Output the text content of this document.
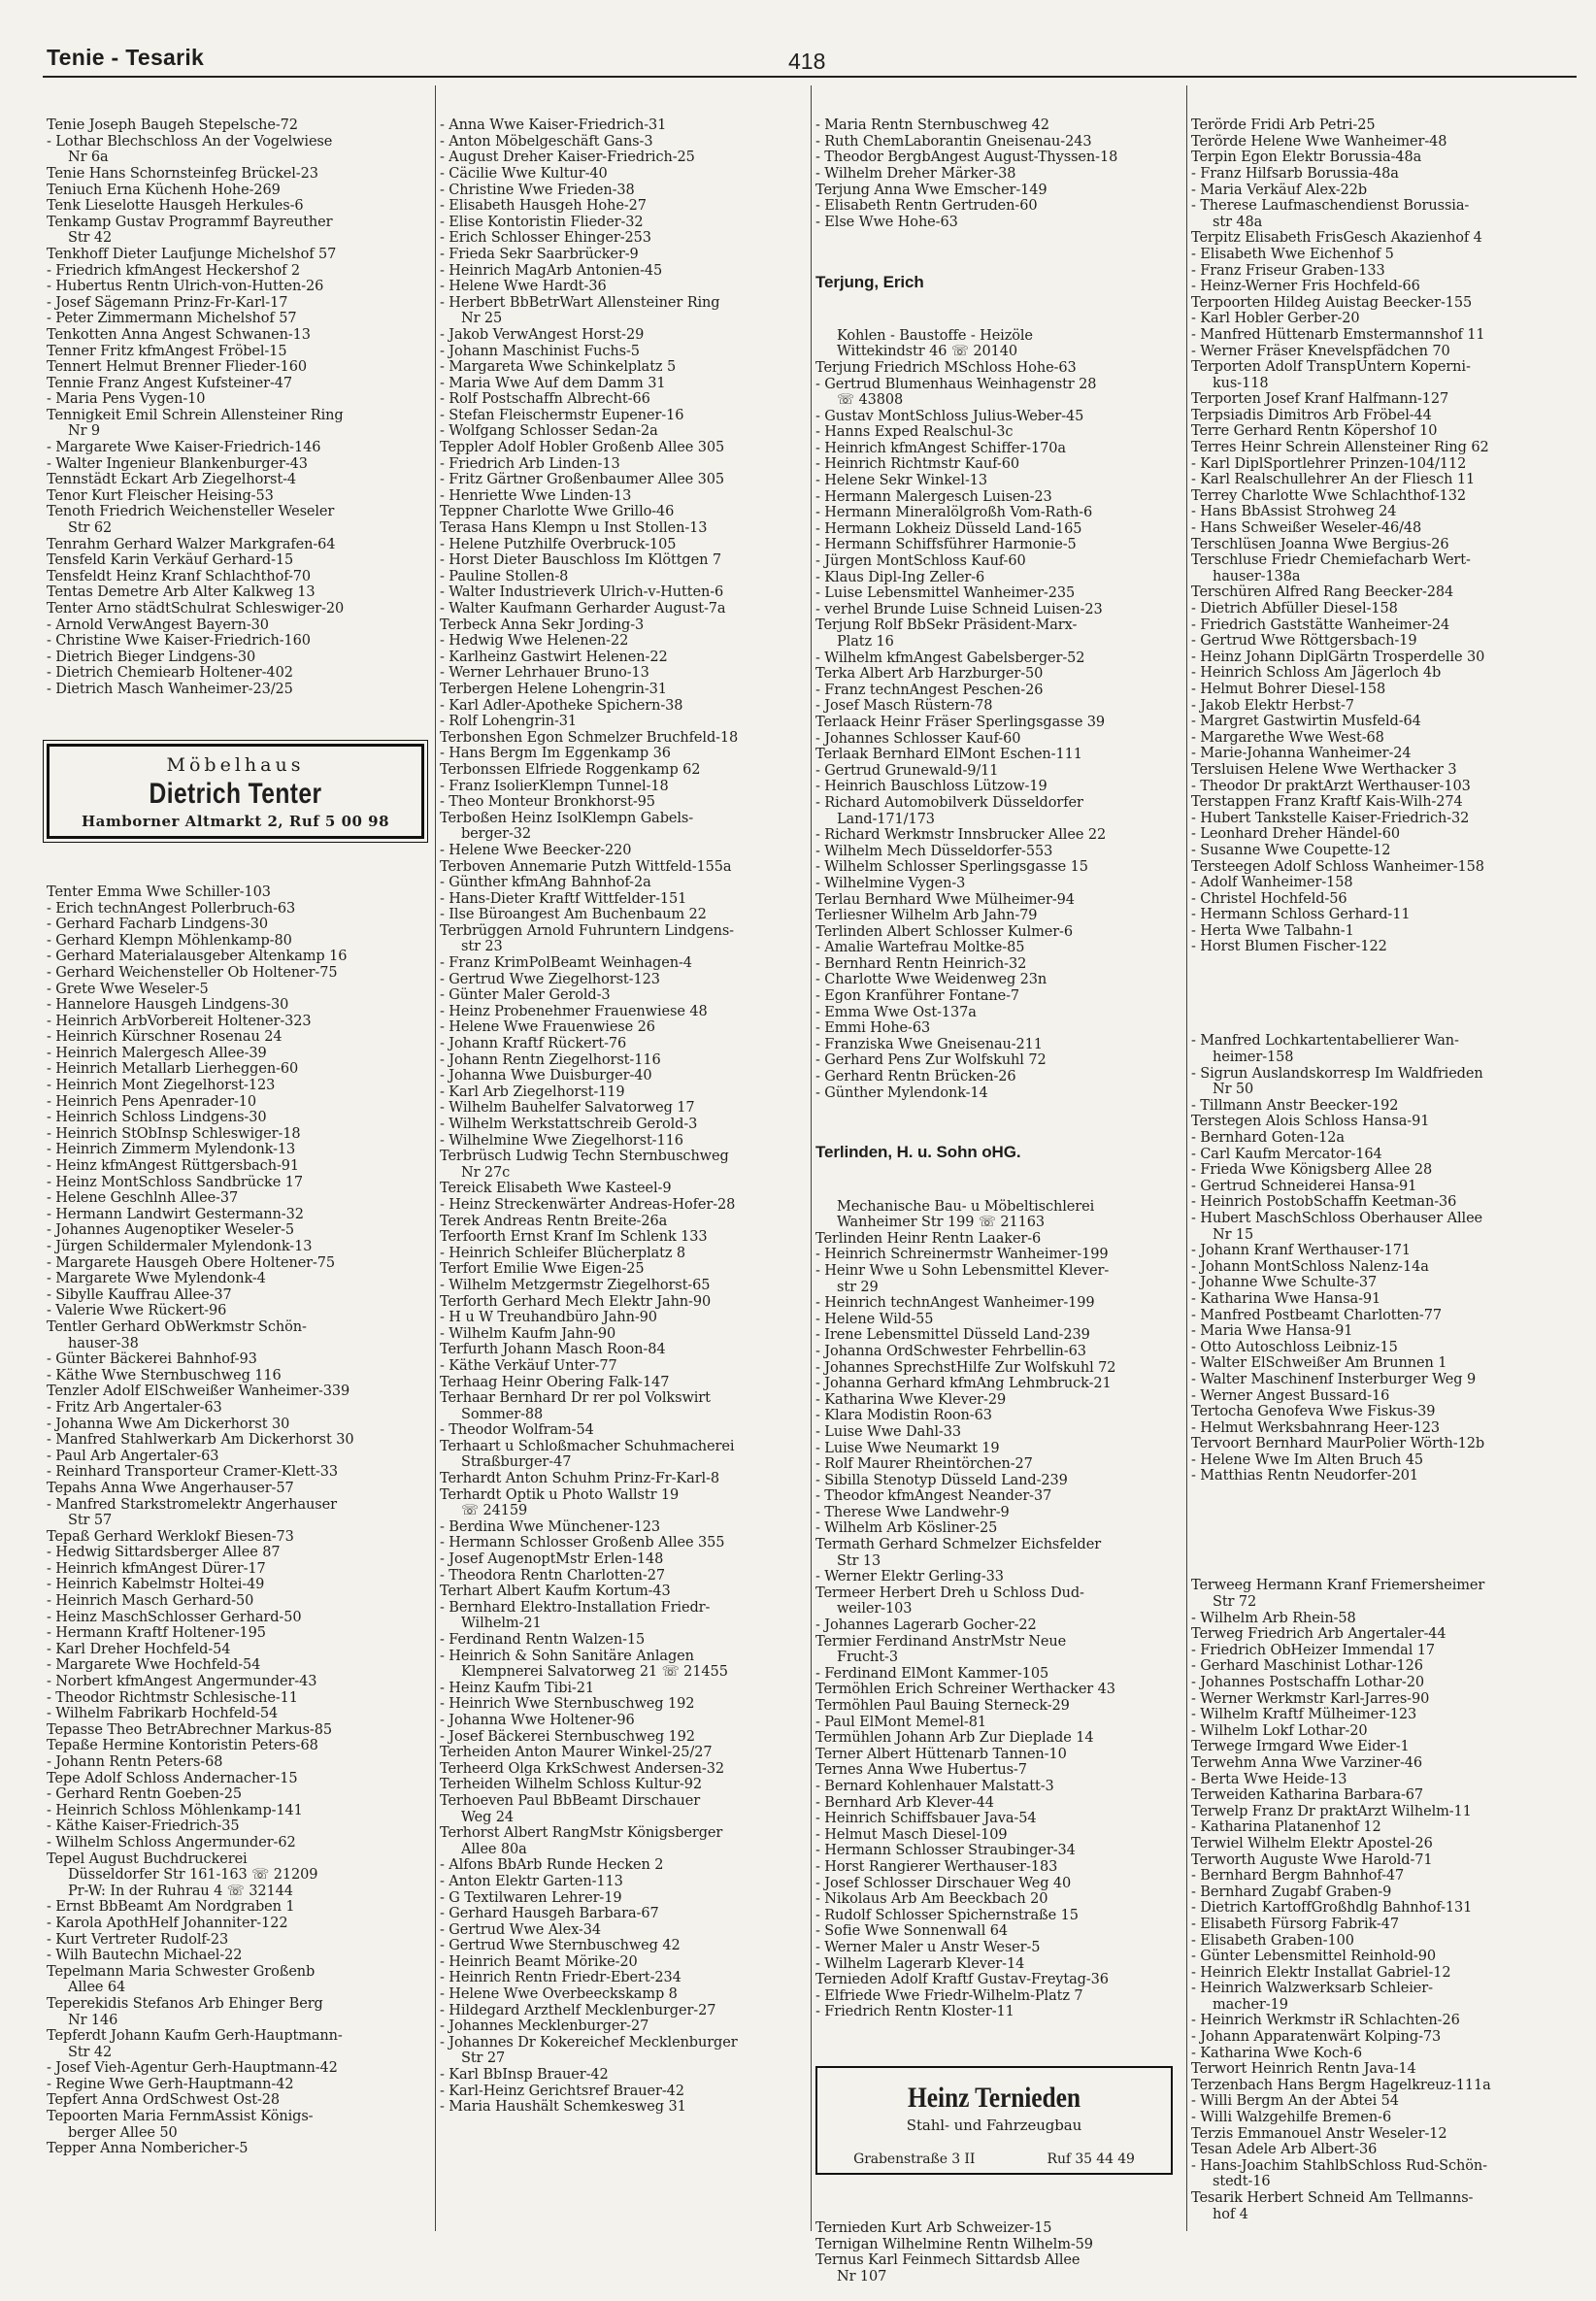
Tenie - Tesarik	418

Tenie Joseph Baugeh Stepelsche-72
- Lothar Blechschloss An der Vogelwiese
Nr 6a
Tenie Hans Schornsteinfeg Brückel-23
Teniuch Erna Küchenh Hohe-269
Tenk Lieselotte Hausgeh Herkules-6
Tenkamp Gustav Programmf Bayreuther
Str 42
Tenkhoff Dieter Laufjunge Michelshof 57
- Friedrich kfmAngest Heckershof 2
- Hubertus Rentn Ulrich-von-Hutten-26
- Josef Sägemann Prinz-Fr-Karl-17
- Peter Zimmermann Michelshof 57
Tenkotten Anna Angest Schwanen-13
Tenner Fritz kfmAngest Fröbel-15
Tennert Helmut Brenner Flieder-160
Tennie Franz Angest Kufsteiner-47
- Maria Pens Vygen-10
Tennigkeit Emil Schrein Allensteiner Ring
Nr 9
- Margarete Wwe Kaiser-Friedrich-146
- Walter Ingenieur Blankenburger-43
Tennstädt Eckart Arb Ziegelhorst-4
Tenor Kurt Fleischer Heising-53
Tenoth Friedrich Weichensteller Weseler
Str 62
Tenrahm Gerhard Walzer Markgrafen-64
Tensfeld Karin Verkäuf Gerhard-15
Tensfeldt Heinz Kranf Schlachthof-70
Tentas Demetre Arb Alter Kalkweg 13
Tenter Arno städtSchulrat Schleswiger-20
- Arnold VerwAngest Bayern-30
- Christine Wwe Kaiser-Friedrich-160
- Dietrich Bieger Lindgens-30
- Dietrich Chemiearb Holtener-402
- Dietrich Masch Wanheimer-23/25

Möbelhaus
Dietrich Tenter
Hamborner Altmarkt 2, Ruf 5 00 98

Tenter Emma Wwe Schiller-103
- Erich technAngest Pollerbruch-63
- Gerhard Facharb Lindgens-30
- Gerhard Klempn Möhlenkamp-80
- Gerhard Materialausgeber Altenkamp 16
- Gerhard Weichensteller Ob Holtener-75
- Grete Wwe Weseler-5
- Hannelore Hausgeh Lindgens-30
- Heinrich ArbVorbereit Holtener-323
- Heinrich Kürschner Rosenau 24
- Heinrich Malergesch Allee-39
- Heinrich Metallarb Lierheggen-60
- Heinrich Mont Ziegelhorst-123
- Heinrich Pens Apenrader-10
- Heinrich Schloss Lindgens-30
- Heinrich StObInsp Schleswiger-18
- Heinrich Zimmerm Mylendonk-13
- Heinz kfmAngest Rüttgersbach-91
- Heinz MontSchloss Sandbrücke 17
- Helene Geschlnh Allee-37
- Hermann Landwirt Gestermann-32
- Johannes Augenoptiker Weseler-5
- Jürgen Schildermaler Mylendonk-13
- Margarete Hausgeh Obere Holtener-75
- Margarete Wwe Mylendonk-4
- Sibylle Kauffrau Allee-37
- Valerie Wwe Rückert-96
Tentler Gerhard ObWerkmstr Schön-
hauser-38
- Günter Bäckerei Bahnhof-93
- Käthe Wwe Sternbuschweg 116
Tenzler Adolf ElSchweißer Wanheimer-339
- Fritz Arb Angertaler-63
- Johanna Wwe Am Dickerhorst 30
- Manfred Stahlwerkarb Am Dickerhorst 30
- Paul Arb Angertaler-63
- Reinhard Transporteur Cramer-Klett-33
Tepahs Anna Wwe Angerhauser-57
- Manfred Starkstromelektr Angerhauser
Str 57
Tepaß Gerhard Werklokf Biesen-73
- Hedwig Sittardsberger Allee 87
- Heinrich kfmAngest Dürer-17
- Heinrich Kabelmstr Holtei-49
- Heinrich Masch Gerhard-50
- Heinz MaschSchlosser Gerhard-50
- Hermann Kraftf Holtener-195
- Karl Dreher Hochfeld-54
- Margarete Wwe Hochfeld-54
- Norbert kfmAngest Angermunder-43
- Theodor Richtmstr Schlesische-11
- Wilhelm Fabrikarb Hochfeld-54
Tepasse Theo BetrAbrechner Markus-85
Tepaße Hermine Kontoristin Peters-68
- Johann Rentn Peters-68
Tepe Adolf Schloss Andernacher-15
- Gerhard Rentn Goeben-25
- Heinrich Schloss Möhlenkamp-141
- Käthe Kaiser-Friedrich-35
- Wilhelm Schloss Angermunder-62
Tepel August Buchdruckerei
Düsseldorfer Str 161-163 ☏ 21209
Pr-W: In der Ruhrau 4 ☏ 32144
- Ernst BbBeamt Am Nordgraben 1
- Karola ApothHelf Johanniter-122
- Kurt Vertreter Rudolf-23
- Wilh Bautechn Michael-22
Tepelmann Maria Schwester Großenb
Allee 64
Teperekidis Stefanos Arb Ehinger Berg
Nr 146
Tepferdt Johann Kaufm Gerh-Hauptmann-
Str 42
- Josef Vieh-Agentur Gerh-Hauptmann-42
- Regine Wwe Gerh-Hauptmann-42
Tepfert Anna OrdSchwest Ost-28
Tepoorten Maria FernmAssist Königs-
berger Allee 50
Tepper Anna Nombericher-5

- Anna Wwe Kaiser-Friedrich-31
- Anton Möbelgeschäft Gans-3
- August Dreher Kaiser-Friedrich-25
- Cäcilie Wwe Kultur-40
- Christine Wwe Frieden-38
- Elisabeth Hausgeh Hohe-27
- Elise Kontoristin Flieder-32
- Erich Schlosser Ehinger-253
- Frieda Sekr Saarbrücker-9
- Heinrich MagArb Antonien-45
- Helene Wwe Hardt-36
- Herbert BbBetrWart Allensteiner Ring
Nr 25
- Jakob VerwAngest Horst-29
- Johann Maschinist Fuchs-5
- Margareta Wwe Schinkelplatz 5
- Maria Wwe Auf dem Damm 31
- Rolf Postschaffn Albrecht-66
- Stefan Fleischermstr Eupener-16
- Wolfgang Schlosser Sedan-2a
Teppler Adolf Hobler Großenb Allee 305
- Friedrich Arb Linden-13
- Fritz Gärtner Großenbaumer Allee 305
- Henriette Wwe Linden-13
Teppner Charlotte Wwe Grillo-46
Terasa Hans Klempn u Inst Stollen-13
- Helene Putzhilfe Overbruck-105
- Horst Dieter Bauschloss Im Klöttgen 7
- Pauline Stollen-8
- Walter Industrieverk Ulrich-v-Hutten-6
- Walter Kaufmann Gerharder August-7a
Terbeck Anna Sekr Jording-3
- Hedwig Wwe Helenen-22
- Karlheinz Gastwirt Helenen-22
- Werner Lehrhauer Bruno-13
Terbergen Helene Lohengrin-31
- Karl Adler-Apotheke Spichern-38
- Rolf Lohengrin-31
Terbonshen Egon Schmelzer Bruchfeld-18
- Hans Bergm Im Eggenkamp 36
Terbonssen Elfriede Roggenkamp 62
- Franz IsolierKlempn Tunnel-18
- Theo Monteur Bronkhorst-95
Terboßen Heinz IsolKlempn Gabels-
berger-32
- Helene Wwe Beecker-220
Terboven Annemarie Putzh Wittfeld-155a
- Günther kfmAng Bahnhof-2a
- Hans-Dieter Kraftf Wittfelder-151
- Ilse Büroangest Am Buchenbaum 22
Terbrüggen Arnold Fuhruntern Lindgens-
str 23
- Franz KrimPolBeamt Weinhagen-4
- Gertrud Wwe Ziegelhorst-123
- Günter Maler Gerold-3
- Heinz Probenehmer Frauenwiese 48
- Helene Wwe Frauenwiese 26
- Johann Kraftf Rückert-76
- Johann Rentn Ziegelhorst-116
- Johanna Wwe Duisburger-40
- Karl Arb Ziegelhorst-119
- Wilhelm Bauhelfer Salvatorweg 17
- Wilhelm Werkstattschreib Gerold-3
- Wilhelmine Wwe Ziegelhorst-116
Terbrüsch Ludwig Techn Sternbuschweg
Nr 27c
Tereick Elisabeth Wwe Kasteel-9
- Heinz Streckenwärter Andreas-Hofer-28
Terek Andreas Rentn Breite-26a
Terfoorth Ernst Kranf Im Schlenk 133
- Heinrich Schleifer Blücherplatz 8
Terfort Emilie Wwe Eigen-25
- Wilhelm Metzgermstr Ziegelhorst-65
Terforth Gerhard Mech Elektr Jahn-90
- H u W Treuhandbüro Jahn-90
- Wilhelm Kaufm Jahn-90
Terfurth Johann Masch Roon-84
- Käthe Verkäuf Unter-77
Terhaag Heinr Obering Falk-147
Terhaar Bernhard Dr rer pol Volkswirt
Sommer-88
- Theodor Wolfram-54
Terhaart u Schloßmacher Schuhmacherei
Straßburger-47
Terhardt Anton Schuhm Prinz-Fr-Karl-8
Terhardt Optik u Photo Wallstr 19
☏ 24159
- Berdina Wwe Münchener-123
- Hermann Schlosser Großenb Allee 355
- Josef AugenoptMstr Erlen-148
- Theodora Rentn Charlotten-27
Terhart Albert Kaufm Kortum-43
- Bernhard Elektro-Installation Friedr-
Wilhelm-21
- Ferdinand Rentn Walzen-15
- Heinrich & Sohn Sanitäre Anlagen
Klempnerei Salvatorweg 21 ☏ 21455
- Heinz Kaufm Tibi-21
- Heinrich Wwe Sternbuschweg 192
- Johanna Wwe Holtener-96
- Josef Bäckerei Sternbuschweg 192
Terheiden Anton Maurer Winkel-25/27
Terheerd Olga KrkSchwest Andersen-32
Terheiden Wilhelm Schloss Kultur-92
Terhoeven Paul BbBeamt Dirschauer
Weg 24
Terhorst Albert RangMstr Königsberger
Allee 80a
- Alfons BbArb Runde Hecken 2
- Anton Elektr Garten-113
- G Textilwaren Lehrer-19
- Gerhard Hausgeh Barbara-67
- Gertrud Wwe Alex-34
- Gertrud Wwe Sternbuschweg 42
- Heinrich Beamt Mörike-20
- Heinrich Rentn Friedr-Ebert-234
- Helene Wwe Overbeeckskamp 8
- Hildegard Arzthelf Mecklenburger-27
- Johannes Mecklenburger-27
- Johannes Dr Kokereichef Mecklenburger
Str 27
- Karl BbInsp Brauer-42
- Karl-Heinz Gerichtsref Brauer-42
- Maria Haushält Schemkesweg 31

- Maria Rentn Sternbuschweg 42
- Ruth ChemLaborantin Gneisenau-243
- Theodor BergbAngest August-Thyssen-18
- Wilhelm Dreher Märker-38
Terjung Anna Wwe Emscher-149
- Elisabeth Rentn Gertruden-60
- Else Wwe Hohe-63

Terjung, Erich

Kohlen - Baustoffe - Heizöle
Wittekindstr 46 ☏ 20140
Terjung Friedrich MSchloss Hohe-63
- Gertrud Blumenhaus Weinhagenstr 28
☏ 43808
- Gustav MontSchloss Julius-Weber-45
- Hanns Exped Realschul-3c
- Heinrich kfmAngest Schiffer-170a
- Heinrich Richtmstr Kauf-60
- Helene Sekr Winkel-13
- Hermann Malergesch Luisen-23
- Hermann Mineralölgroßh Vom-Rath-6
- Hermann Lokheiz Düsseld Land-165
- Hermann Schiffsführer Harmonie-5
- Jürgen MontSchloss Kauf-60
- Klaus Dipl-Ing Zeller-6
- Luise Lebensmittel Wanheimer-235
- verhel Brunde Luise Schneid Luisen-23
Terjung Rolf BbSekr Präsident-Marx-
Platz 16
- Wilhelm kfmAngest Gabelsberger-52
Terka Albert Arb Harzburger-50
- Franz technAngest Peschen-26
- Josef Masch Rüstern-78
Terlaack Heinr Fräser Sperlingsgasse 39
- Johannes Schlosser Kauf-60
Terlaak Bernhard ElMont Eschen-111
- Gertrud Grunewald-9/11
- Heinrich Bauschloss Lützow-19
- Richard Automobilverk Düsseldorfer
Land-171/173
- Richard Werkmstr Innsbrucker Allee 22
- Wilhelm Mech Düsseldorfer-553
- Wilhelm Schlosser Sperlingsgasse 15
- Wilhelmine Vygen-3
Terlau Bernhard Wwe Mülheimer-94
Terliesner Wilhelm Arb Jahn-79
Terlinden Albert Schlosser Kulmer-6
- Amalie Wartefrau Moltke-85
- Bernhard Rentn Heinrich-32
- Charlotte Wwe Weidenweg 23n
- Egon Kranführer Fontane-7
- Emma Wwe Ost-137a
- Emmi Hohe-63
- Franziska Wwe Gneisenau-211
- Gerhard Pens Zur Wolfskuhl 72
- Gerhard Rentn Brücken-26
- Günther Mylendonk-14

Terlinden, H. u. Sohn oHG.

Mechanische Bau- u Möbeltischlerei
Wanheimer Str 199 ☏ 21163
Terlinden Heinr Rentn Laaker-6
- Heinrich Schreinermstr Wanheimer-199
- Heinr Wwe u Sohn Lebensmittel Klever-
str 29
- Heinrich technAngest Wanheimer-199
- Helene Wild-55
- Irene Lebensmittel Düsseld Land-239
- Johanna OrdSchwester Fehrbellin-63
- Johannes SprechstHilfe Zur Wolfskuhl 72
- Johanna Gerhard kfmAng Lehmbruck-21
- Katharina Wwe Klever-29
- Klara Modistin Roon-63
- Luise Wwe Dahl-33
- Luise Wwe Neumarkt 19
- Rolf Maurer Rheintörchen-27
- Sibilla Stenotyp Düsseld Land-239
- Theodor kfmAngest Neander-37
- Therese Wwe Landwehr-9
- Wilhelm Arb Kösliner-25
Termath Gerhard Schmelzer Eichsfelder
Str 13
- Werner Elektr Gerling-33
Termeer Herbert Dreh u Schloss Dud-
weiler-103
- Johannes Lagerarb Gocher-22
Termier Ferdinand AnstrMstr Neue
Frucht-3
- Ferdinand ElMont Kammer-105
Termöhlen Erich Schreiner Werthacker 43
Termöhlen Paul Bauing Sterneck-29
- Paul ElMont Memel-81
Termühlen Johann Arb Zur Dieplade 14
Terner Albert Hüttenarb Tannen-10
Ternes Anna Wwe Hubertus-7
- Bernard Kohlenhauer Malstatt-3
- Bernhard Arb Klever-44
- Heinrich Schiffsbauer Java-54
- Helmut Masch Diesel-109
- Hermann Schlosser Straubinger-34
- Horst Rangierer Werthauser-183
- Josef Schlosser Dirschauer Weg 40
- Nikolaus Arb Am Beeckbach 20
- Rudolf Schlosser Spichernstraße 15
- Sofie Wwe Sonnenwall 64
- Werner Maler u Anstr Weser-5
- Wilhelm Lagerarb Klever-14
Ternieden Adolf Kraftf Gustav-Freytag-36
- Elfriede Wwe Friedr-Wilhelm-Platz 7
- Friedrich Rentn Kloster-11

Heinz Ternieden
Stahl- und Fahrzeugbau
Grabenstraße 3 II	Ruf 35 44 49

Ternieden Kurt Arb Schweizer-15
Ternigan Wilhelmine Rentn Wilhelm-59
Ternus Karl Feinmech Sittardsb Allee
Nr 107

Terörde Fridi Arb Petri-25
Terörde Helene Wwe Wanheimer-48
Terpin Egon Elektr Borussia-48a
- Franz Hilfsarb Borussia-48a
- Maria Verkäuf Alex-22b
- Therese Laufmaschendienst Borussia-
str 48a
Terpitz Elisabeth FrisGesch Akazienhof 4
- Elisabeth Wwe Eichenhof 5
- Franz Friseur Graben-133
- Heinz-Werner Fris Hochfeld-66
Terpoorten Hildeg Auistag Beecker-155
- Karl Hobler Gerber-20
- Manfred Hüttenarb Emstermannshof 11
- Werner Fräser Knevelspfädchen 70
Terporten Adolf TranspUntern Koperni-
kus-118
Terporten Josef Kranf Halfmann-127
Terpsiadis Dimitros Arb Fröbel-44
Terre Gerhard Rentn Köpershof 10
Terres Heinr Schrein Allensteiner Ring 62
- Karl DiplSportlehrer Prinzen-104/112
- Karl Realschullehrer An der Fliesch 11
Terrey Charlotte Wwe Schlachthof-132
- Hans BbAssist Strohweg 24
- Hans Schweißer Weseler-46/48
Terschlüsen Joanna Wwe Bergius-26
Terschluse Friedr Chemiefacharb Wert-
hauser-138a
Terschüren Alfred Rang Beecker-284
- Dietrich Abfüller Diesel-158
- Friedrich Gaststätte Wanheimer-24
- Gertrud Wwe Röttgersbach-19
- Heinz Johann DiplGärtn Trosperdelle 30
- Heinrich Schloss Am Jägerloch 4b
- Helmut Bohrer Diesel-158
- Jakob Elektr Herbst-7
- Margret Gastwirtin Musfeld-64
- Margarethe Wwe West-68
- Marie-Johanna Wanheimer-24
Tersluisen Helene Wwe Werthacker 3
- Theodor Dr praktArzt Werthauser-103
Terstappen Franz Kraftf Kais-Wilh-274
- Hubert Tankstelle Kaiser-Friedrich-32
- Leonhard Dreher Händel-60
- Susanne Wwe Coupette-12
Tersteegen Adolf Schloss Wanheimer-158
- Adolf Wanheimer-158
- Christel Hochfeld-56
- Hermann Schloss Gerhard-11
- Herta Wwe Talbahn-1
- Horst Blumen Fischer-122

- Manfred Lochkartentabellierer Wan-
heimer-158
- Sigrun Auslandskorresp Im Waldfrieden
Nr 50
- Tillmann Anstr Beecker-192
Terstegen Alois Schloss Hansa-91
- Bernhard Goten-12a
- Carl Kaufm Mercator-164
- Frieda Wwe Königsberg Allee 28
- Gertrud Schneiderei Hansa-91
- Heinrich PostobSchaffn Keetman-36
- Hubert MaschSchloss Oberhauser Allee
Nr 15
- Johann Kranf Werthauser-171
- Johann MontSchloss Nalenz-14a
- Johanne Wwe Schulte-37
- Katharina Wwe Hansa-91
- Manfred Postbeamt Charlotten-77
- Maria Wwe Hansa-91
- Otto Autoschloss Leibniz-15
- Walter ElSchweißer Am Brunnen 1
- Walter Maschinenf Insterburger Weg 9
- Werner Angest Bussard-16
Tertocha Genofeva Wwe Fiskus-39
- Helmut Werksbahnrang Heer-123
Tervoort Bernhard MaurPolier Wörth-12b
- Helene Wwe Im Alten Bruch 45
- Matthias Rentn Neudorfer-201

Terweeg Hermann Kranf Friemersheimer
Str 72
- Wilhelm Arb Rhein-58
Terweg Friedrich Arb Angertaler-44
- Friedrich ObHeizer Immendal 17
- Gerhard Maschinist Lothar-126
- Johannes Postschaffn Lothar-20
- Werner Werkmstr Karl-Jarres-90
- Wilhelm Kraftf Mülheimer-123
- Wilhelm Lokf Lothar-20
Terwege Irmgard Wwe Eider-1
Terwehm Anna Wwe Varziner-46
- Berta Wwe Heide-13
Terweiden Katharina Barbara-67
Terwelp Franz Dr praktArzt Wilhelm-11
- Katharina Platanenhof 12
Terwiel Wilhelm Elektr Apostel-26
Terworth Auguste Wwe Harold-71
- Bernhard Bergm Bahnhof-47
- Bernhard Zugabf Graben-9
- Dietrich KartoffGroßhdlg Bahnhof-131
- Elisabeth Fürsorg Fabrik-47
- Elisabeth Graben-100
- Günter Lebensmittel Reinhold-90
- Heinrich Elektr Installat Gabriel-12
- Heinrich Walzwerksarb Schleier-
macher-19
- Heinrich Werkmstr iR Schlachten-26
- Johann Apparatenwärt Kolping-73
- Katharina Wwe Koch-6
Terwort Heinrich Rentn Java-14
Terzenbach Hans Bergm Hagelkreuz-111a
- Willi Bergm An der Abtei 54
- Willi Walzgehilfe Bremen-6
Terzis Emmanouel Anstr Weseler-12
Tesan Adele Arb Albert-36
- Hans-Joachim StahlbSchloss Rud-Schön-
stedt-16
Tesarik Herbert Schneid Am Tellmanns-
hof 4
